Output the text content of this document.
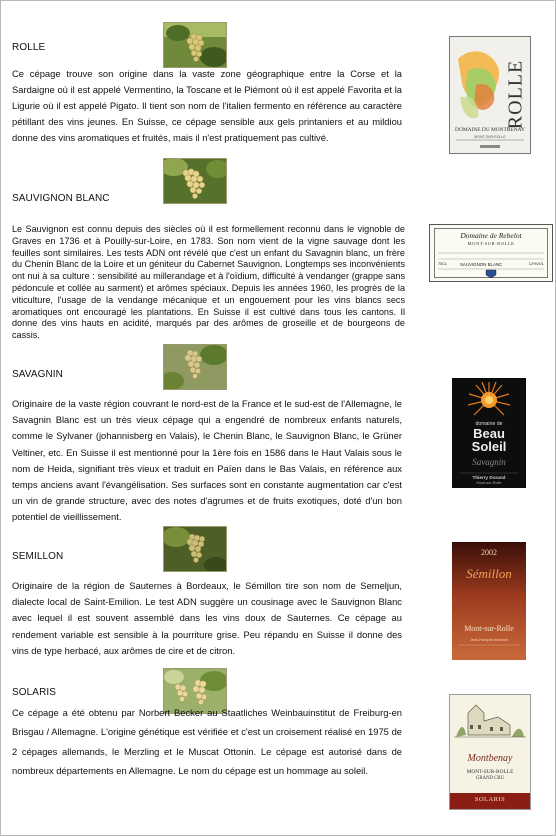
ROLLE
Ce cépage trouve son origine dans la vaste zone géographique entre la Corse et la Sardaigne où il est appelé Vermentino, la Toscane et le Piémont où il est appelé Favorita et la Ligurie où il est appelé Pigato. Il tient son nom de l'italien fermento en référence au caractère pétillant des vins jeunes. En Suisse, ce cépage sensible aux gels printaniers et au mildiou donne des vins aromatiques et fruités, mais il n'est pratiquement pas cultivé.
ROLLE
DOMAINE DU MONTBENAY
MONT-SUR-ROLLE
SAUVIGNON BLANC
Le Sauvignon est connu depuis des siècles où il est formellement reconnu dans le vignoble de Graves en 1736 et à Pouilly-sur-Loire, en 1783. Son nom vient de la vigne sauvage dont les feuilles sont similaires. Les tests ADN ont révélé que c'est un enfant du Savagnin blanc, un frère du Chenin Blanc de la Loire et un géniteur du Cabernet Sauvignon. Longtemps ses inconvénients ont nui à sa culture : sensibilité au millerandage et à l'oïdium, difficulté à vendanger (grappe sans pédoncule et collée au sarment) et arômes spéciaux. Depuis les années 1960, les progrès de la viticulture, l'usage de la vendange mécanique et un engouement pour les vins blancs secs aromatiques ont encouragé les plantations. En Suisse il est cultivé dans tous les cantons. Il donne des vins hauts en acidité, marqués par des arômes de groseille et de bourgeons de cassis.
Domaine de Rebelot
MONT-SUR-ROLLE
SAUVIGNON BLANC
75CL	12%VOL
SAVAGNIN
Originaire de la vaste région couvrant le nord-est de la France et le sud-est de l'Allemagne, le Savagnin Blanc est un très vieux cépage qui a engendré de nombreux enfants naturels, comme le Sylvaner (johannisberg en Valais), le Chenin Blanc, le Sauvignon Blanc, le Grüner Veltiner, etc. En Suisse il est mentionné pour la 1ère fois en 1586 dans le Haut Valais sous le nom de Heida, signifiant très vieux et traduit en Païen dans le Bas Valais, en référence aux temps anciens avant l'évangélisation. Ses surfaces sont en constante augmentation car c'est un vin de grande structure, avec des notes d'agrumes et de fruits exotiques, doté d'un bon potentiel de vieillissement.
domaine de
Beau
Soleil
Savagnin
Thierry Dorand
Mont-sur-Rolle
SEMILLON
Originaire de la région de Sauternes à Bordeaux, le Sémillon tire son nom de Semeljun, dialecte local de Saint-Emilion. Le test ADN suggère un cousinage avec le Sauvignon Blanc avec lequel il est souvent assemblé dans les vins doux de Sauternes. Ce cépage au rendement variable est sensible à la pourriture grise. Peu répandu en Suisse il donne des vins de type herbacé, aux arômes de cire et de citron.
2002
Sémillon
Mont-sur-Rolle
Jean-François Monnard
SOLARIS
Ce cépage a été obtenu par Norbert Becker au Staatliches Weinbauinstitut de Freiburg-en Brisgau / Allemagne. L'origine génétique est vérifiée et c'est un croisement réalisé en 1975 de 2 cépages allemands, le Merzling et le Muscat Ottonin. Le cépage est autorisé dans de nombreux départements en Allemagne. Le nom du cépage est un hommage au soleil.
Montbenay
MONT-SUR-ROLLE
GRAND CRU
SOLARIS
